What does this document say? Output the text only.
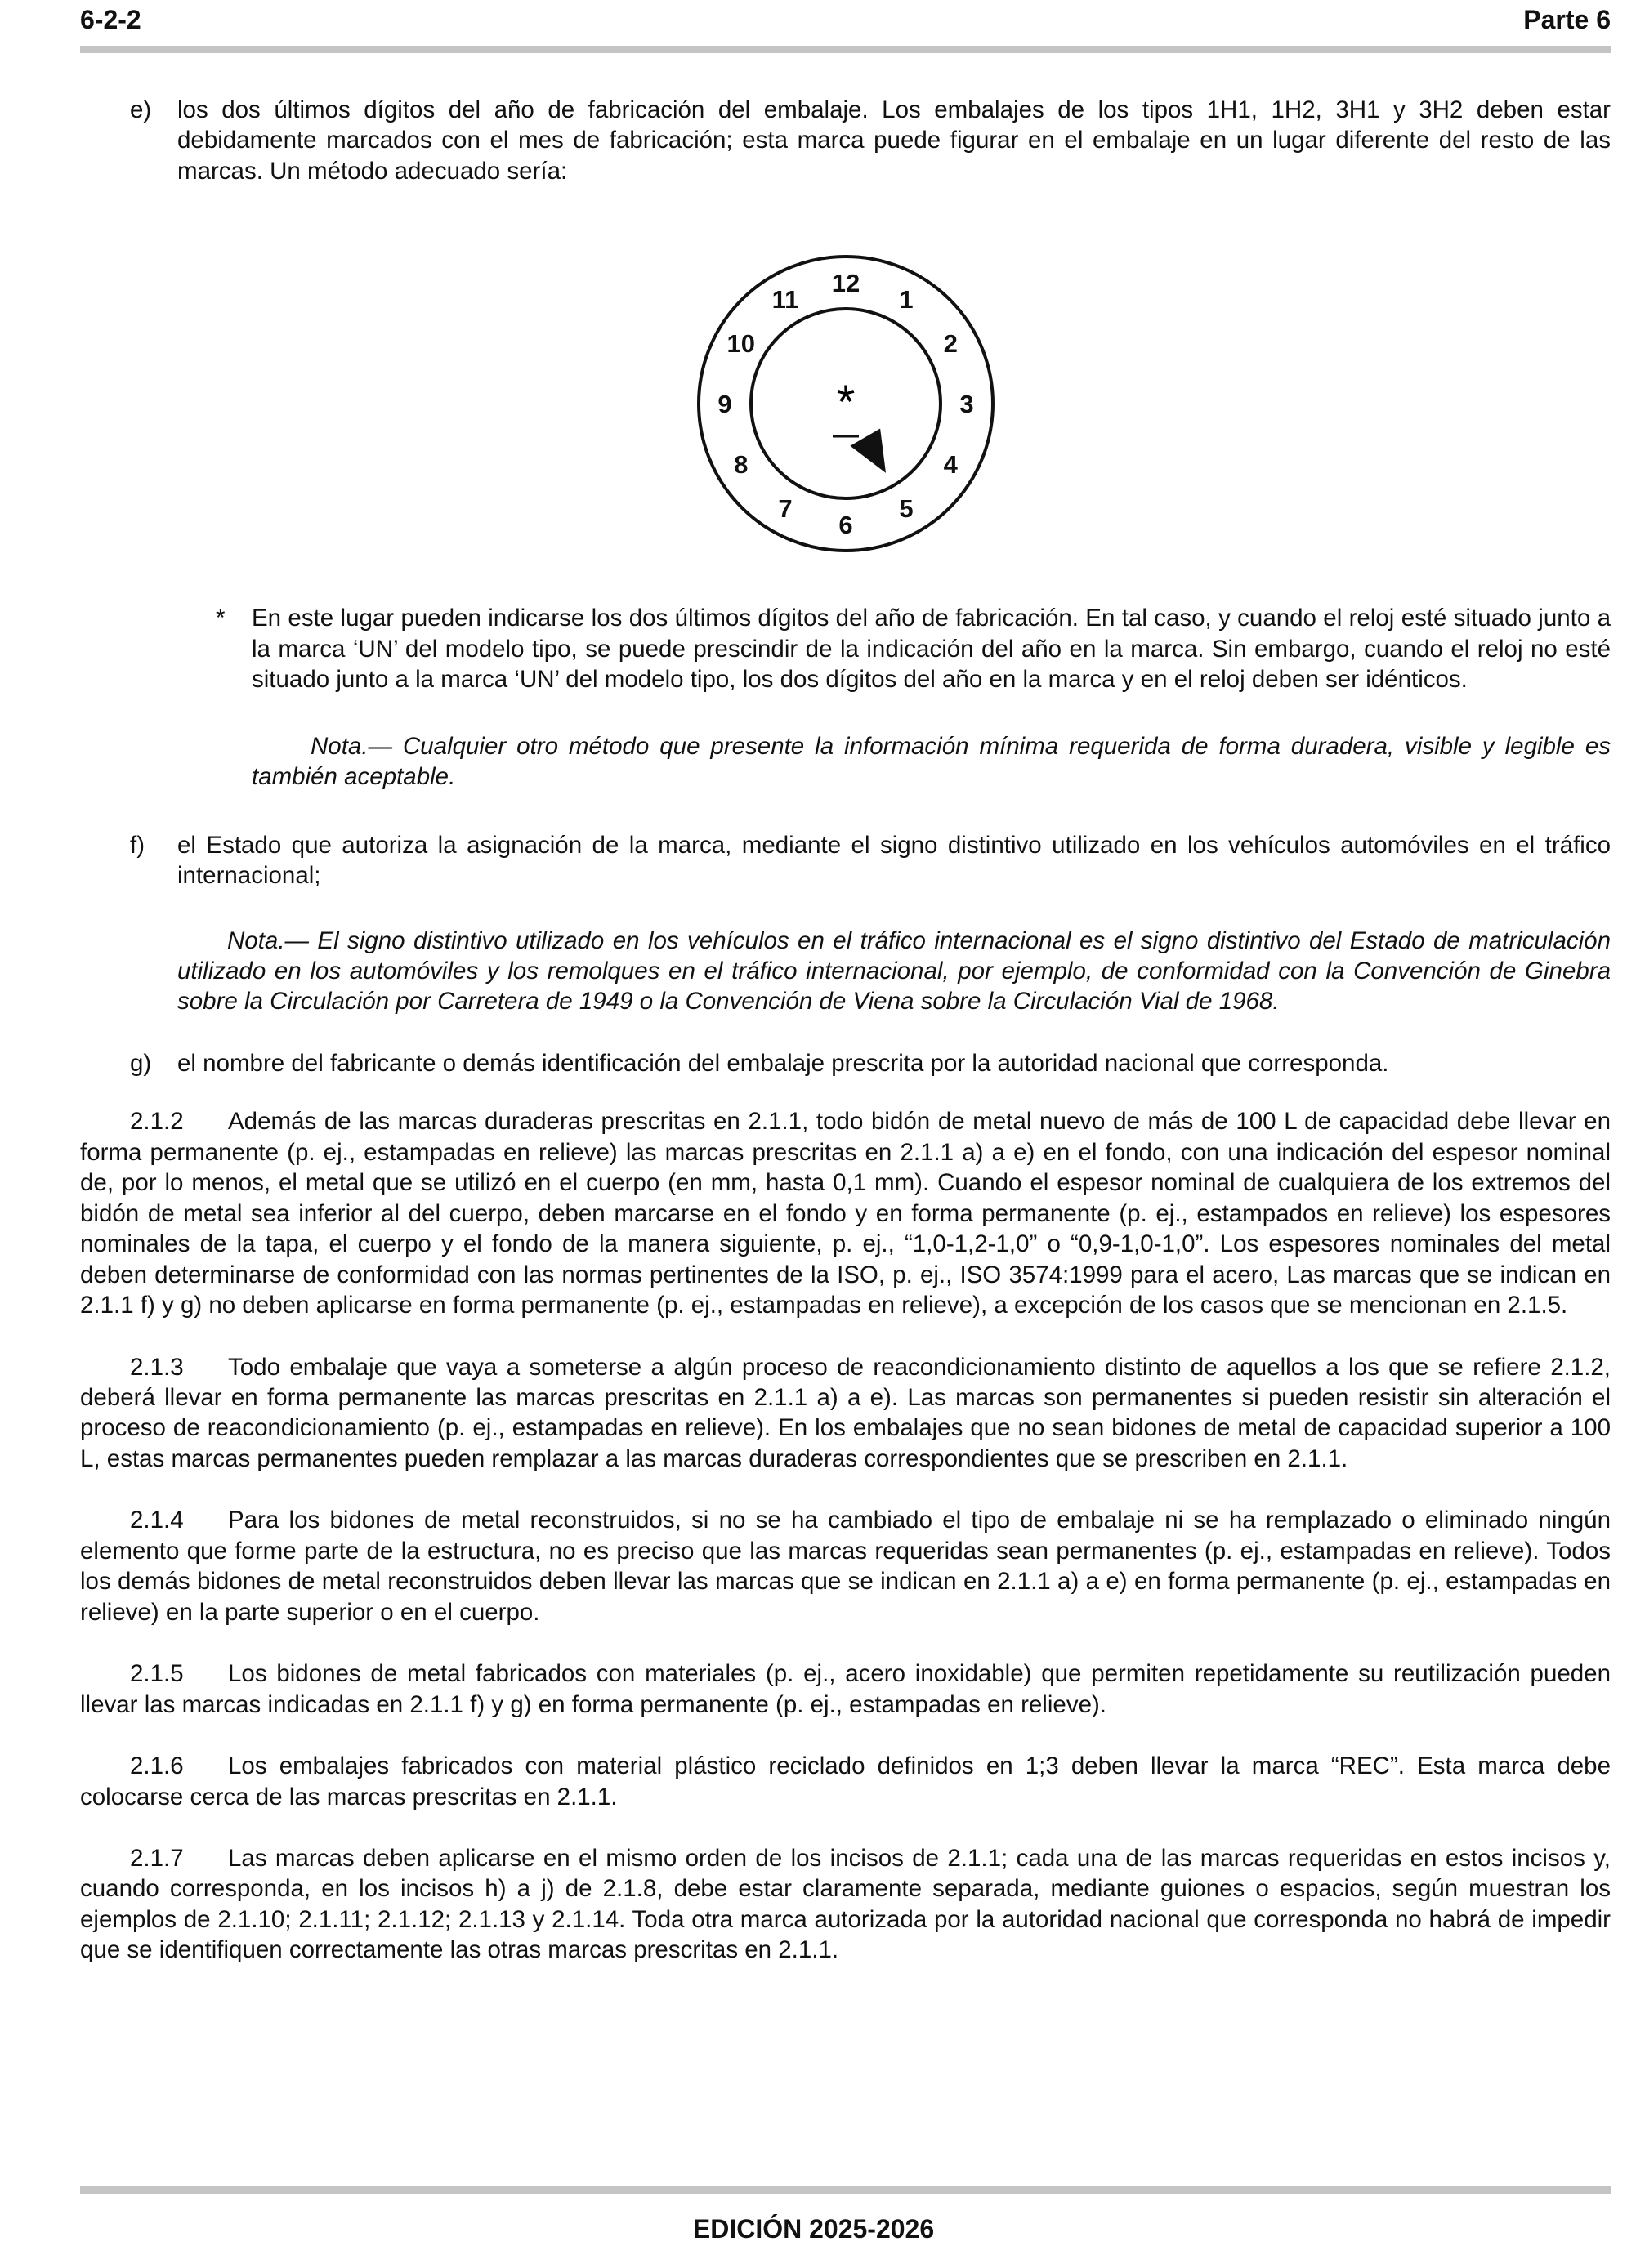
6-2-2	Parte 6

e) los dos últimos dígitos del año de fabricación del embalaje. Los embalajes de los tipos 1H1, 1H2, 3H1 y 3H2 deben estar debidamente marcados con el mes de fabricación; esta marca puede figurar en el embalaje en un lugar diferente del resto de las marcas. Un método adecuado sería:

12
1
2
3
4
5
6
7
8
9
10
11
*

* En este lugar pueden indicarse los dos últimos dígitos del año de fabricación. En tal caso, y cuando el reloj esté situado junto a la marca ‘UN’ del modelo tipo, se puede prescindir de la indicación del año en la marca. Sin embargo, cuando el reloj no esté situado junto a la marca ‘UN’ del modelo tipo, los dos dígitos del año en la marca y en el reloj deben ser idénticos.

Nota.— Cualquier otro método que presente la información mínima requerida de forma duradera, visible y legible es también aceptable.

f) el Estado que autoriza la asignación de la marca, mediante el signo distintivo utilizado en los vehículos automóviles en el tráfico internacional;

Nota.— El signo distintivo utilizado en los vehículos en el tráfico internacional es el signo distintivo del Estado de matriculación utilizado en los automóviles y los remolques en el tráfico internacional, por ejemplo, de conformidad con la Convención de Ginebra sobre la Circulación por Carretera de 1949 o la Convención de Viena sobre la Circulación Vial de 1968.

g) el nombre del fabricante o demás identificación del embalaje prescrita por la autoridad nacional que corresponda.

2.1.2 Además de las marcas duraderas prescritas en 2.1.1, todo bidón de metal nuevo de más de 100 L de capacidad debe llevar en forma permanente (p. ej., estampadas en relieve) las marcas prescritas en 2.1.1 a) a e) en el fondo, con una indicación del espesor nominal de, por lo menos, el metal que se utilizó en el cuerpo (en mm, hasta 0,1 mm). Cuando el espesor nominal de cualquiera de los extremos del bidón de metal sea inferior al del cuerpo, deben marcarse en el fondo y en forma permanente (p. ej., estampados en relieve) los espesores nominales de la tapa, el cuerpo y el fondo de la manera siguiente, p. ej., “1,0-1,2-1,0” o “0,9-1,0-1,0”. Los espesores nominales del metal deben determinarse de conformidad con las normas pertinentes de la ISO, p. ej., ISO 3574:1999 para el acero, Las marcas que se indican en 2.1.1 f) y g) no deben aplicarse en forma permanente (p. ej., estampadas en relieve), a excepción de los casos que se mencionan en 2.1.5.

2.1.3 Todo embalaje que vaya a someterse a algún proceso de reacondicionamiento distinto de aquellos a los que se refiere 2.1.2, deberá llevar en forma permanente las marcas prescritas en 2.1.1 a) a e). Las marcas son permanentes si pueden resistir sin alteración el proceso de reacondicionamiento (p. ej., estampadas en relieve). En los embalajes que no sean bidones de metal de capacidad superior a 100 L, estas marcas permanentes pueden remplazar a las marcas duraderas correspondientes que se prescriben en 2.1.1.

2.1.4 Para los bidones de metal reconstruidos, si no se ha cambiado el tipo de embalaje ni se ha remplazado o eliminado ningún elemento que forme parte de la estructura, no es preciso que las marcas requeridas sean permanentes (p. ej., estampadas en relieve). Todos los demás bidones de metal reconstruidos deben llevar las marcas que se indican en 2.1.1 a) a e) en forma permanente (p. ej., estampadas en relieve) en la parte superior o en el cuerpo.

2.1.5 Los bidones de metal fabricados con materiales (p. ej., acero inoxidable) que permiten repetidamente su reutilización pueden llevar las marcas indicadas en 2.1.1 f) y g) en forma permanente (p. ej., estampadas en relieve).

2.1.6 Los embalajes fabricados con material plástico reciclado definidos en 1;3 deben llevar la marca “REC”. Esta marca debe colocarse cerca de las marcas prescritas en 2.1.1.

2.1.7 Las marcas deben aplicarse en el mismo orden de los incisos de 2.1.1; cada una de las marcas requeridas en estos incisos y, cuando corresponda, en los incisos h) a j) de 2.1.8, debe estar claramente separada, mediante guiones o espacios, según muestran los ejemplos de 2.1.10; 2.1.11; 2.1.12; 2.1.13 y 2.1.14. Toda otra marca autorizada por la autoridad nacional que corresponda no habrá de impedir que se identifiquen correctamente las otras marcas prescritas en 2.1.1.

EDICIÓN 2025-2026
